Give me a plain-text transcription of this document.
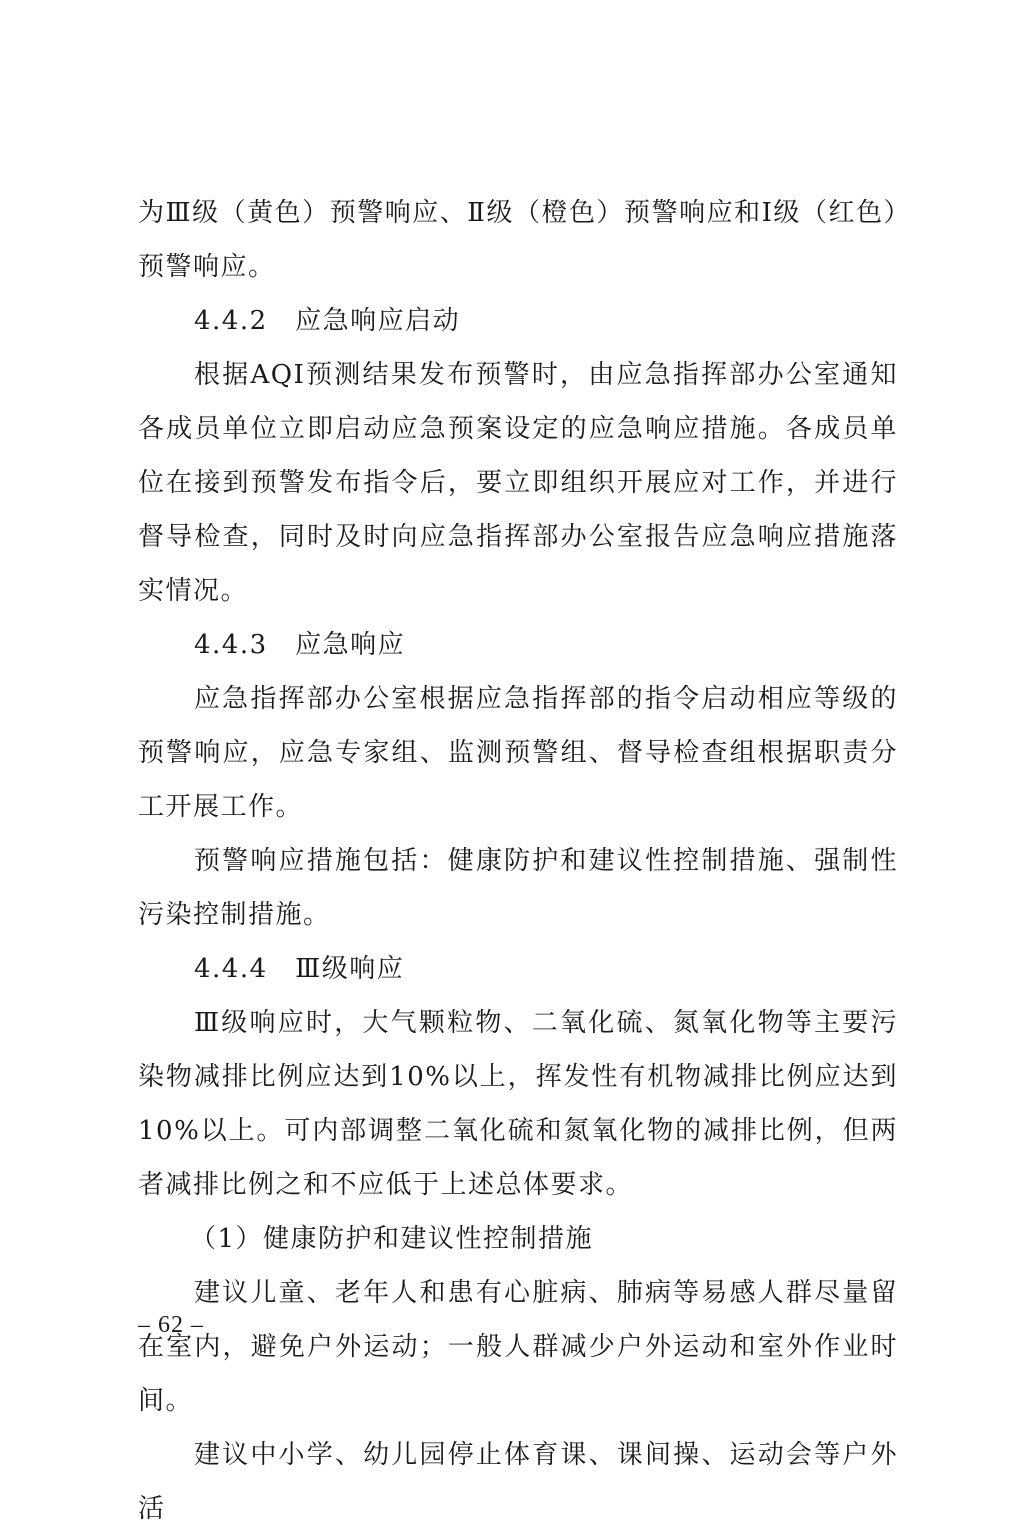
为Ⅲ级（黄色）预警响应、Ⅱ级（橙色）预警响应和Ⅰ级（红色）预警响应。

4.4.2　应急响应启动

根据AQI预测结果发布预警时，由应急指挥部办公室通知各成员单位立即启动应急预案设定的应急响应措施。各成员单位在接到预警发布指令后，要立即组织开展应对工作，并进行督导检查，同时及时向应急指挥部办公室报告应急响应措施落实情况。

4.4.3　应急响应

应急指挥部办公室根据应急指挥部的指令启动相应等级的预警响应，应急专家组、监测预警组、督导检查组根据职责分工开展工作。

预警响应措施包括：健康防护和建议性控制措施、强制性污染控制措施。

4.4.4　Ⅲ级响应

Ⅲ级响应时，大气颗粒物、二氧化硫、氮氧化物等主要污染物减排比例应达到10%以上，挥发性有机物减排比例应达到10%以上。可内部调整二氧化硫和氮氧化物的减排比例，但两者减排比例之和不应低于上述总体要求。

（1）健康防护和建议性控制措施

建议儿童、老年人和患有心脏病、肺病等易感人群尽量留在室内，避免户外运动；一般人群减少户外运动和室外作业时间。

建议中小学、幼儿园停止体育课、课间操、运动会等户外活

– 62 –
